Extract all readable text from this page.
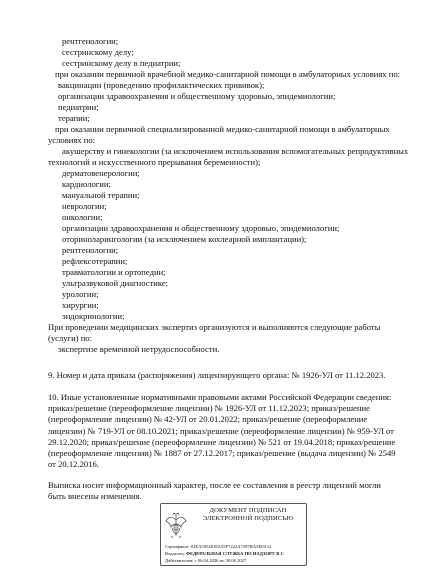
рентгенологии;
сестринскому делу;
сестринскому делу в педиатрии;
при оказании первичной врачебной медико-санитарной помощи в амбулаторных условиях по:
вакцинации (проведению профилактических прививок);
организации здравоохранения и общественному здоровью, эпидемиологии;
педиатрии;
терапии;
при оказании первичной специализированной медико-санитарной помощи в амбулаторных
условиях по:
акушерству и гинекологии (за исключением использования вспомогательных репродуктивных
технологий и искусственного прерывания беременности);
дерматовенерологии;
кардиологии;
мануальной терапии;
неврологии;
онкологии;
организации здравоохранения и общественному здоровью, эпидемиологии;
оториноларингологии (за исключением кохлеарной имплантации);
рентгенологии;
рефлексотерапии;
травматологии и ортопедии;
ультразвуковой диагностике;
урологии;
хирургии;
эндокринологии;
При проведении медицинских экспертиз организуются и выполняются следующие работы
(услуги) по:
экспертизе временной нетрудоспособности.

9. Номер и дата приказа (распоряжения) лицензирующего органа: № 1926-УЛ от 11.12.2023.

10. Иные установленные нормативными правовыми актами Российской Федерации сведения: приказ/решение (переоформление лицензии) № 1926-УЛ от 11.12.2023; приказ/решение (переоформление лицензии) № 42-УЛ от 20.01.2022; приказ/решение (переоформление лицензии) № 719-УЛ от 08.10.2021; приказ/решение (переоформление лицензии) № 959-УЛ от 29.12.2020; приказ/решение (переоформление лицензии) № 521 от 19.04.2018; приказ/решение (переоформление лицензии) № 1887 от 27.12.2017; приказ/решение (выдача лицензии) № 2549 от 20.12.2016.

Выписка носит информационный характер, после ее составления в реестр лицензий могли быть внесены изменения.

ДОКУМЕНТ ПОДПИСАН
ЭЛЕКТРОННОЙ ПОДПИСЬЮ
Сертификат: 02EA5954818A55F7222A7297BA3E0A12
Владелец: ФЕДЕРАЛЬНАЯ СЛУЖБА ПО НАДЗОРУ В С
Действителен: с 06.04.2026 по 30.06.2027
